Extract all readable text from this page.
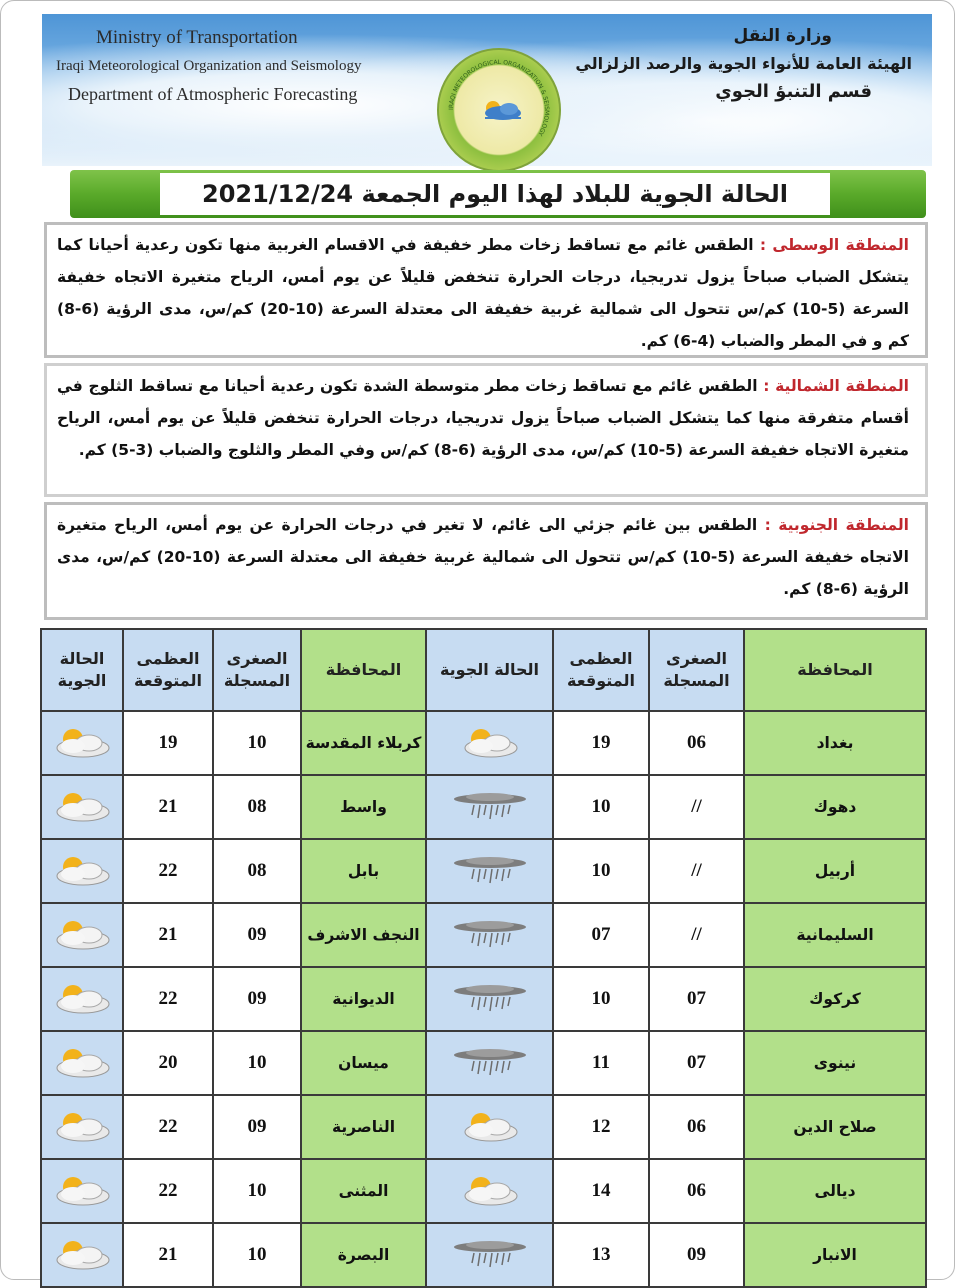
Ministry of Transportation
Iraqi Meteorological Organization and Seismology
Department of Atmospheric Forecasting
IRAQI METEOROLOGICAL ORGANIZATION & SEISMOLOGY
وزارة النقل
الهيئة العامة للأنواء الجوية والرصد الزلزالي
قسم التنبؤ الجوي
الحالة الجوية للبلاد لهذا اليوم الجمعة 2021/12/24
المنطقة الوسطى : الطقس غائم مع تساقط زخات مطر خفيفة في الاقسام الغربية منها تكون رعدية أحيانا كما يتشكل الضباب صباحاً يزول تدريجيا، درجات الحرارة تنخفض قليلاً عن يوم أمس، الرياح متغيرة الاتجاه خفيفة السرعة (5-10) كم/س تتحول الى شمالية غربية خفيفة الى معتدلة السرعة (10-20) كم/س، مدى الرؤية (6-8) كم و في المطر والضباب (4-6) كم.
المنطقة الشمالية : الطقس غائم مع تساقط زخات مطر متوسطة الشدة تكون رعدية أحيانا مع تساقط الثلوج في أقسام متفرقة منها كما يتشكل الضباب صباحاً يزول تدريجيا، درجات الحرارة تنخفض قليلاً عن يوم أمس، الرياح متغيرة الاتجاه خفيفة السرعة (5-10) كم/س، مدى الرؤية (6-8) كم/س وفي المطر والثلوج والضباب (3-5) كم.
المنطقة الجنوبية : الطقس بين غائم جزئي الى غائم، لا تغير في درجات الحرارة عن يوم أمس، الرياح متغيرة الاتجاه خفيفة السرعة (5-10) كم/س تتحول الى شمالية غربية خفيفة الى معتدلة السرعة (10-20) كم/س، مدى الرؤية (6-8) كم.
الحالة الجوية	العظمى المتوقعة	الصغرى المسجلة	المحافظة	الحالة الجوية	العظمى المتوقعة	الصغرى المسجلة	المحافظة

	19	10	كربلاء المقدسة		19	06	بغداد

	21	08	واسط		10	//	دهوك

	22	08	بابل		10	//	أربيل

	21	09	النجف الاشرف		07	//	السليمانية

	22	09	الديوانية		10	07	كركوك

	20	10	ميسان		11	07	نينوى

	22	09	الناصرية		12	06	صلاح الدين

	22	10	المثنى		14	06	ديالى

	21	10	البصرة		13	09	الانبار
